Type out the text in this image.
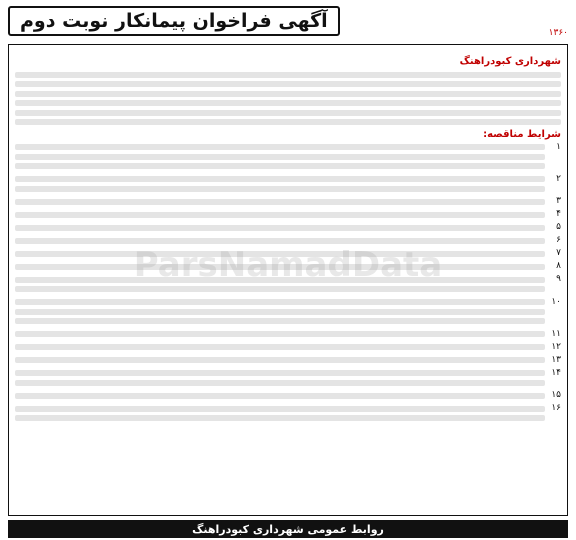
آگهی فراخوان پیمانکار نوبت دوم
۱۳۶۰
ParsNamadData
شهرداری کبودراهنگ
شرایط مناقصه:
۱
۲
۳
۴
۵
۶
۷
۸
۹
۱۰
۱۱
۱۲
۱۳
۱۴
۱۵
۱۶
روابط عمومی شهرداری کبودراهنگ
